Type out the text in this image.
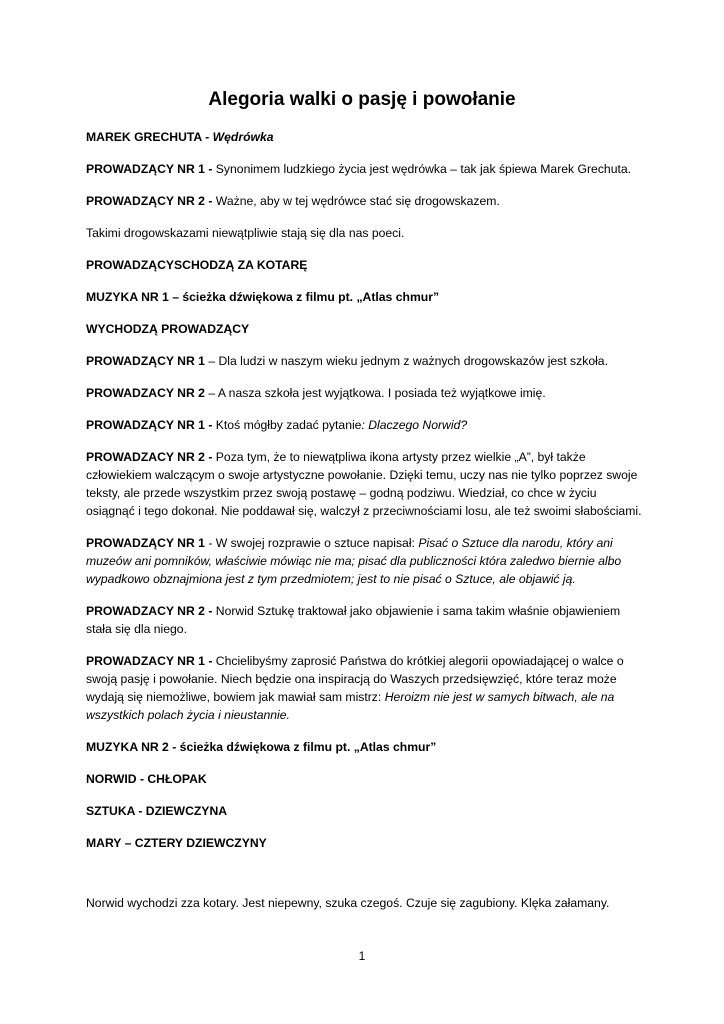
Alegoria walki o pasję i powołanie

MAREK GRECHUTA - Wędrówka

PROWADZĄCY NR 1 - Synonimem ludzkiego życia jest wędrówka – tak jak śpiewa Marek Grechuta.

PROWADZĄCY NR 2 - Ważne, aby w tej wędrówce stać się drogowskazem.

Takimi drogowskazami niewątpliwie stają się dla nas poeci.

PROWADZĄCYSCHODZĄ ZA KOTARĘ

MUZYKA NR 1 – ścieżka dźwiękowa z filmu pt. „Atlas chmur”

WYCHODZĄ PROWADZĄCY

PROWADZĄCY NR 1 – Dla ludzi w naszym wieku jednym z ważnych drogowskazów jest szkoła.

PROWADZACY NR 2 – A nasza szkoła jest wyjątkowa. I posiada też wyjątkowe imię.

PROWADZĄCY NR 1 - Ktoś mógłby zadać pytanie: Dlaczego Norwid?

PROWADZACY NR 2 - Poza tym, że to niewątpliwa ikona artysty przez wielkie „A”, był także człowiekiem walczącym o swoje artystyczne powołanie. Dzięki temu, uczy nas nie tylko poprzez swoje teksty, ale przede wszystkim przez swoją postawę – godną podziwu. Wiedział, co chce w życiu osiągnąć i tego dokonał. Nie poddawał się, walczył z przeciwnościami losu, ale też swoimi słabościami.

PROWADZĄCY NR 1 - W swojej rozprawie o sztuce napisał: Pisać o Sztuce dla narodu, który ani muzeów ani pomników, właściwie mówiąc nie ma; pisać dla publiczności która zaledwo biernie albo wypadkowo obznajmiona jest z tym przedmiotem; jest to nie pisać o Sztuce, ale objawić ją.

PROWADZACY NR 2 - Norwid Sztukę traktował jako objawienie i sama takim właśnie objawieniem stała się dla niego.

PROWADZACY NR 1 - Chcielibyśmy zaprosić Państwa do krótkiej alegorii opowiadającej o walce o swoją pasję i powołanie. Niech będzie ona inspiracją do Waszych przedsięwzięć, które teraz może wydają się niemożliwe, bowiem jak mawiał sam mistrz: Heroizm nie jest w samych bitwach, ale na wszystkich polach życia i nieustannie.

MUZYKA NR 2 - ścieżka dźwiękowa z filmu pt. „Atlas chmur”

NORWID - CHŁOPAK

SZTUKA - DZIEWCZYNA

MARY – CZTERY DZIEWCZYNY

Norwid wychodzi zza kotary. Jest niepewny, szuka czegoś. Czuje się zagubiony. Klęka załamany.

1
